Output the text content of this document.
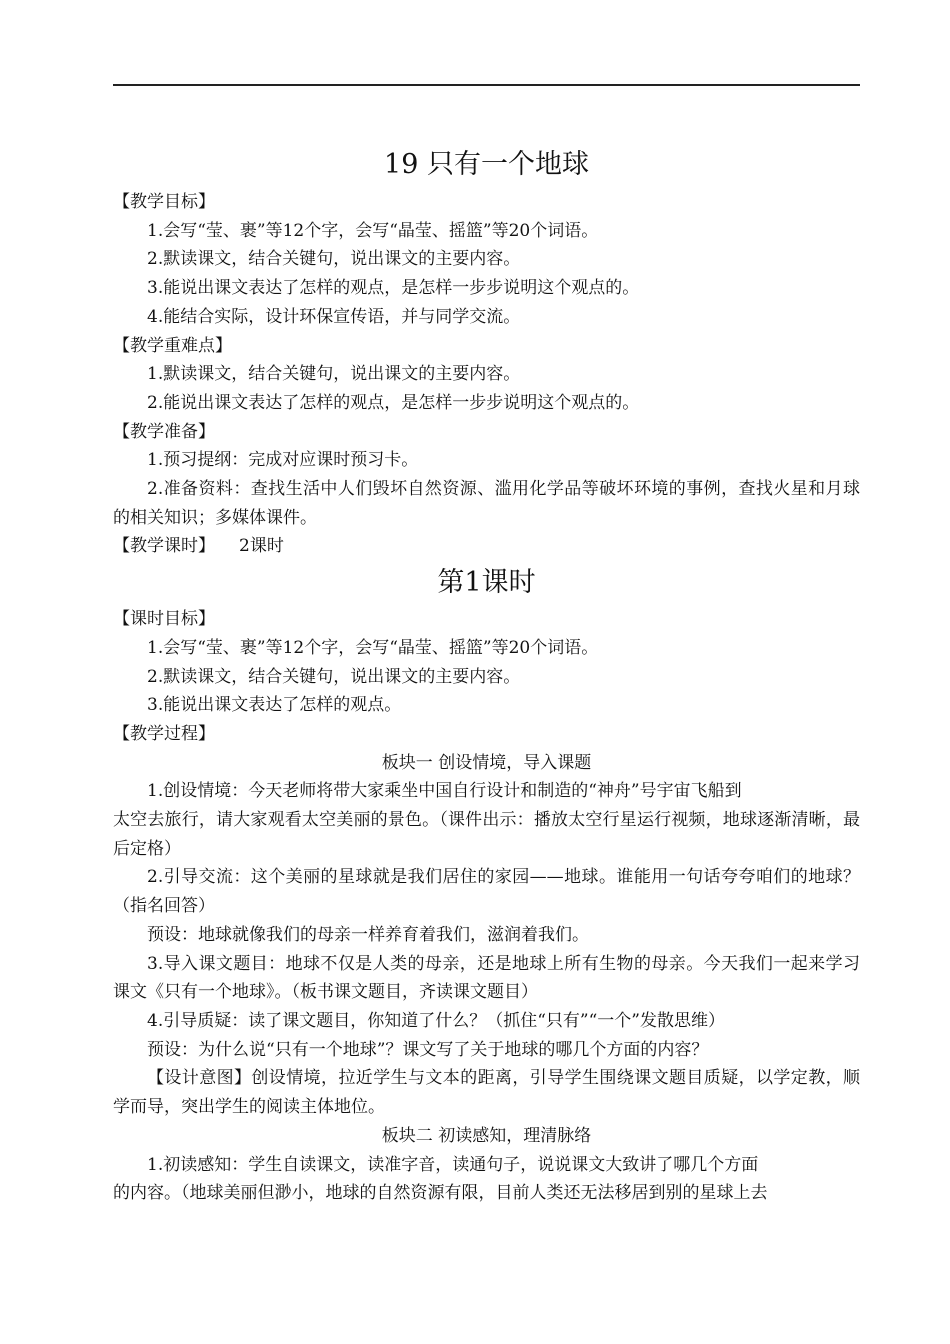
19 只有一个地球
【教学目标】
1.会写“莹、裹”等12个字，会写“晶莹、摇篮”等20个词语。
2.默读课文，结合关键句，说出课文的主要内容。
3.能说出课文表达了怎样的观点，是怎样一步步说明这个观点的。
4.能结合实际，设计环保宣传语，并与同学交流。
【教学重难点】
1.默读课文，结合关键句，说出课文的主要内容。
2.能说出课文表达了怎样的观点，是怎样一步步说明这个观点的。
【教学准备】
1.预习提纲：完成对应课时预习卡。
2.准备资料：查找生活中人们毁坏自然资源、滥用化学品等破坏环境的事例，查找火星和月球的相关知识；多媒体课件。
【教学课时】 2课时
第1课时
【课时目标】
1.会写“莹、裹”等12个字，会写“晶莹、摇篮”等20个词语。
2.默读课文，结合关键句，说出课文的主要内容。
3.能说出课文表达了怎样的观点。
【教学过程】
板块一 创设情境，导入课题
1.创设情境：今天老师将带大家乘坐中国自行设计和制造的“神舟”号宇宙飞船到
太空去旅行，请大家观看太空美丽的景色。（课件出示：播放太空行星运行视频，地球逐渐清晰，最后定格）
2.引导交流：这个美丽的星球就是我们居住的家园——地球。谁能用一句话夸夸咱们的地球？（指名回答）
预设：地球就像我们的母亲一样养育着我们，滋润着我们。
3.导入课文题目：地球不仅是人类的母亲，还是地球上所有生物的母亲。今天我们一起来学习课文《只有一个地球》。（板书课文题目，齐读课文题目）
4.引导质疑：读了课文题目，你知道了什么？（抓住“只有”“一个”发散思维）
预设：为什么说“只有一个地球”？课文写了关于地球的哪几个方面的内容？
【设计意图】创设情境，拉近学生与文本的距离，引导学生围绕课文题目质疑，以学定教，顺学而导，突出学生的阅读主体地位。
板块二 初读感知，理清脉络
1.初读感知：学生自读课文，读准字音，读通句子，说说课文大致讲了哪几个方面
的内容。（地球美丽但渺小，地球的自然资源有限，目前人类还无法移居到别的星球上去
